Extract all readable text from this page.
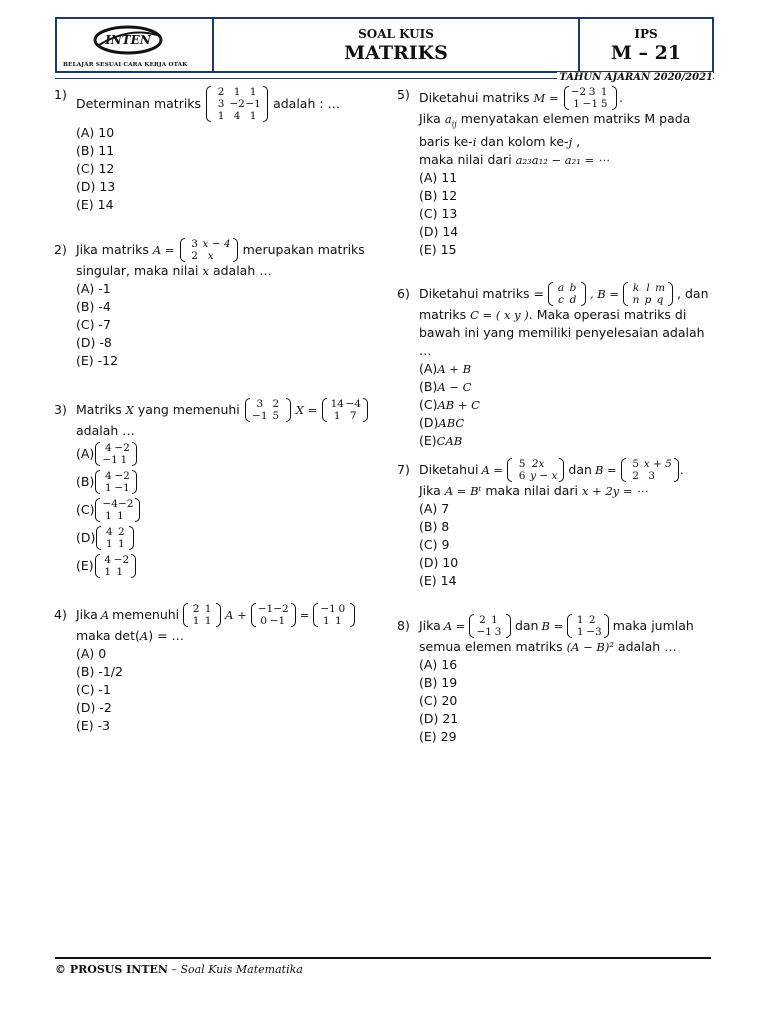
INTEN
BELAJAR SESUAI CARA KERJA OTAK
SOAL KUIS
MATRIKS
IPS
M – 21
TAHUN AJARAN 2020/2021
1)
Determinan matriks
2 1 1
3 −2 −1
1 4 1
adalah : …
(A) 10
(B) 11
(C) 12
(D) 13
(E) 14
2) Jika matriks A =	3 x − 4
2 x	merupakan matriks
singular, maka nilai x adalah …
(A) -1
(B) -4
(C) -7
(D) -8
(E) -12
3) Matriks X yang memenuhi	3 2
−1 5	X = 14 −4
1 7
adalah …
(A) 4 −2
−1 1
(B) 4 −2
1 −1
(C) −4 −2
1 1
(D) 4 2
1 1
(E) 4 −2
1 1
4) Jika A memenuhi 2 1
1 1 A + −1 −2
0 −1 = −1 0
1 1
maka det(A) = …
(A) 0
(B) -1/2
(C) -1
(D) -2
(E) -3
5) Diketahui matriks M = −2 3 1
1 −1 5 .
Jika $a_{ij}$ menyatakan elemen matriks M pada
baris ke-i dan kolom ke-j ,
maka nilai dari a₂₃a₁₂ − a₂₁ = ⋯
(A) 11
(B) 12
(C) 13
(D) 14
(E) 15
6) Diketahui matriks = a b
c d , B = k l m
n p q , dan
matriks C = ( x y ). Maka operasi matriks di
bawah ini yang memiliki penyelesaian adalah …
(A)A + B
(B)A − C
(C)AB + C
(D)ABC
(E)CAB
7) Diketahui A =	5 2x
6 y − x dan B =	5 x + 5
2 3	.
Jika A = Bᵗ maka nilai dari x + 2y = ⋯
(A) 7
(B) 8
(C) 9
(D) 10
(E) 14
8) Jika A = 2 1
−1 3 dan B = 1 2
1 −3 maka jumlah
semua elemen matriks (A − B)² adalah …
(A) 16
(B) 19
(C) 20
(D) 21
(E) 29
© PROSUS INTEN – Soal Kuis Matematika
